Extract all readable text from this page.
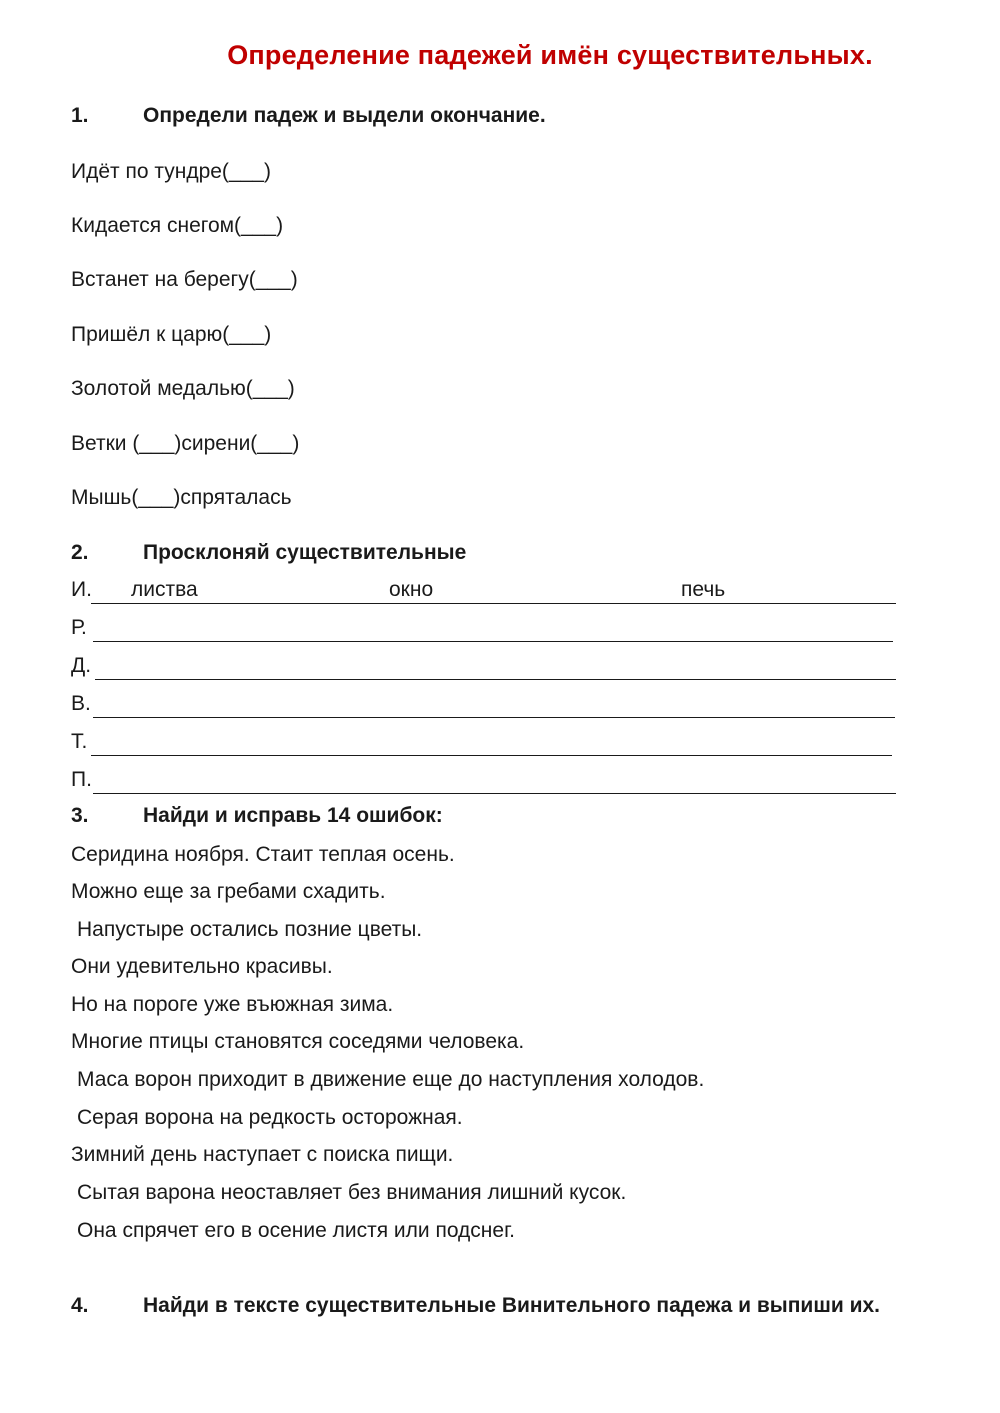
Определение падежей имён существительных.
1.	Определи падеж и выдели окончание.
Идёт по тундре(___)
Кидается снегом(___)
Встанет на берегу(___)
Пришёл к царю(___)
Золотой медалью(___)
Ветки (___)сирени(___)
Мышь(___)спряталась
2.	Просклоняй существительные
И. листва	окно	печь
Р.
Д.
В.
Т.
П.
3.	Найди и исправь 14 ошибок:
Серидина ноября. Стаит теплая осень.
Можно еще за гребами схадить.
Напустыре остались позние цветы.
Они удевительно красивы.
Но на пороге уже въюжная зима.
Многие птицы становятся соседями человека.
Маса ворон приходит в движение еще до наступления холодов.
Серая ворона на редкость осторожная.
Зимний день наступает с поиска пищи.
Сытая варона неоставляет без внимания лишний кусок.
Она спрячет его в осение листя или подснег.
4.	Найди в тексте существительные Винительного падежа и выпиши их.
